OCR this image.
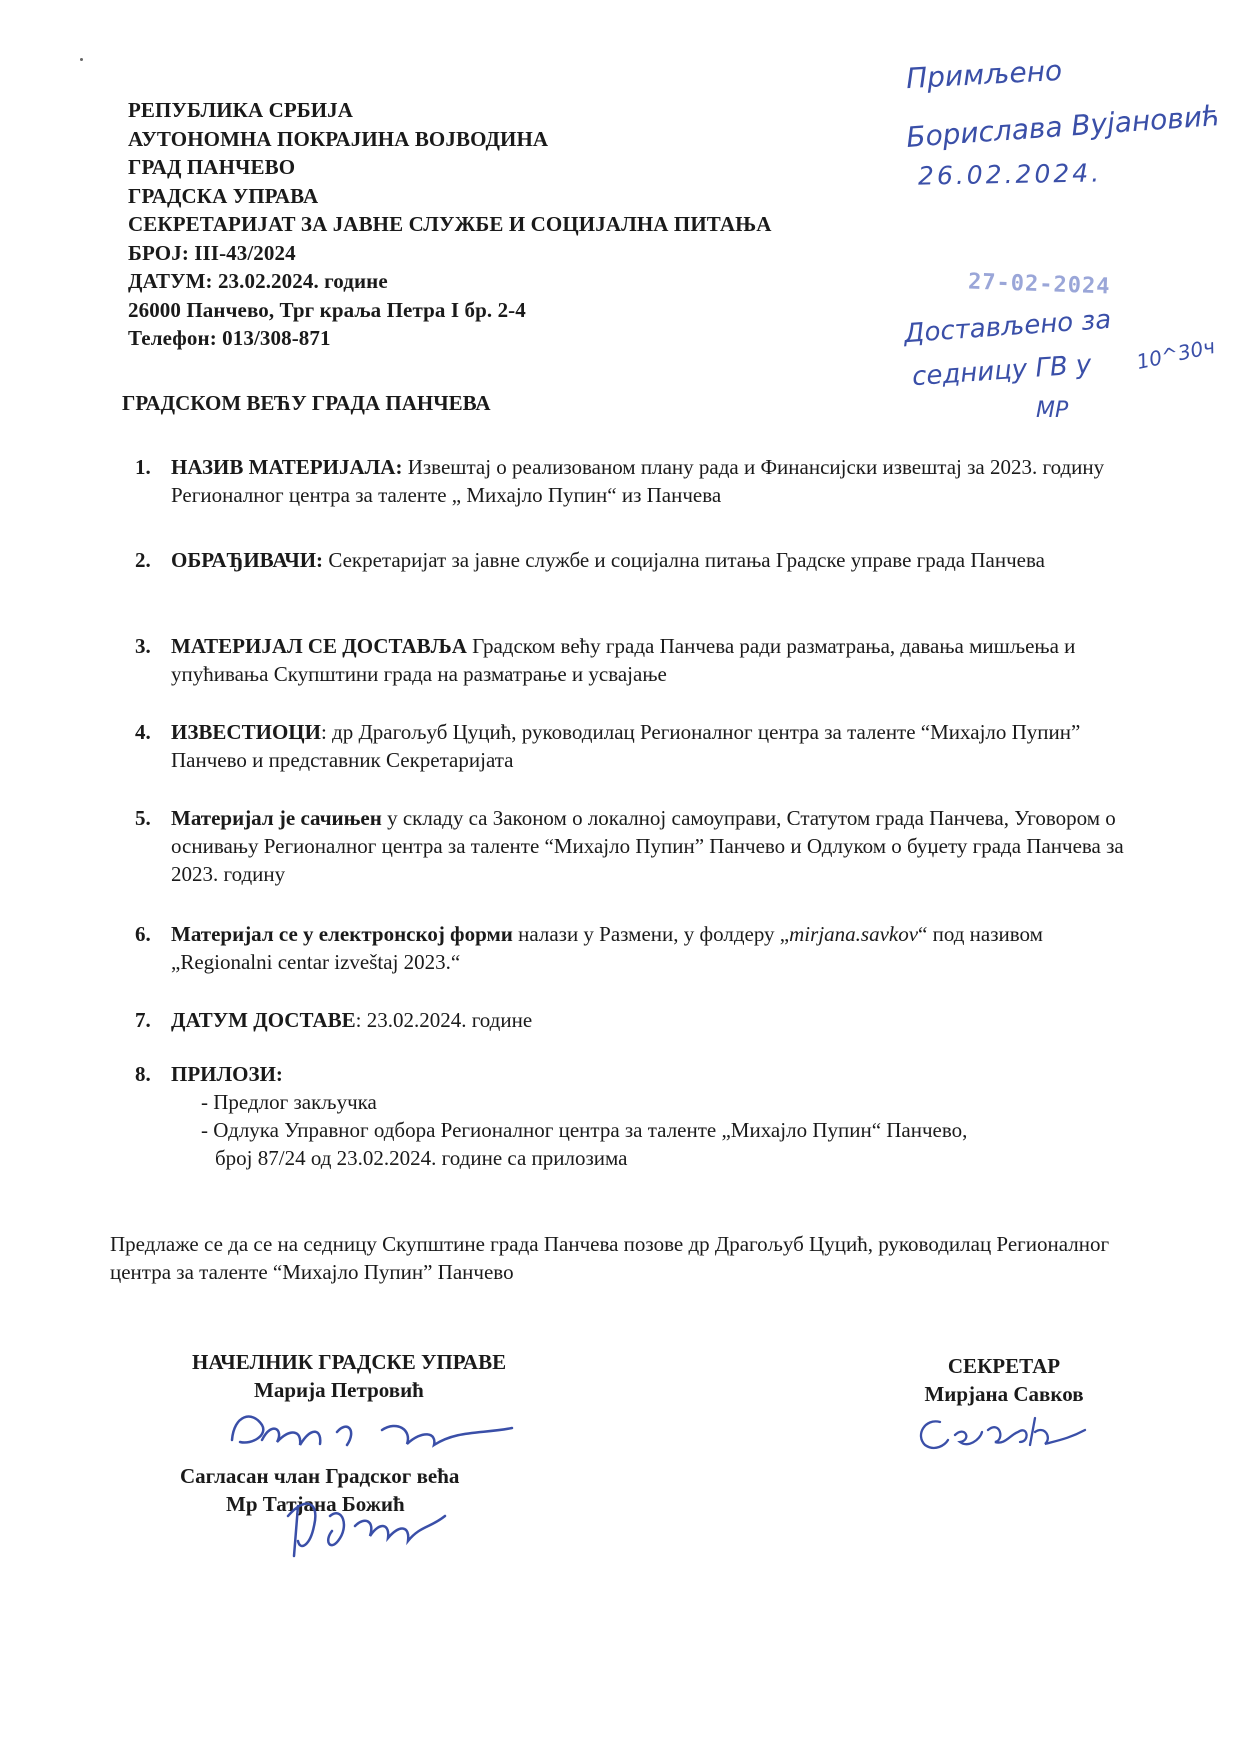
РЕПУБЛИКА СРБИЈА
АУТОНОМНА ПОКРАЈИНА ВОЈВОДИНА
ГРАД ПАНЧЕВО
ГРАДСКА УПРАВА
СЕКРЕТАРИЈАТ ЗА ЈАВНЕ СЛУЖБЕ И СОЦИЈАЛНА ПИТАЊА
БРОЈ: III-43/2024
ДАТУМ: 23.02.2024. године
26000 Панчево, Трг краља Петра I бр. 2-4
Телефон: 013/308-871
Примљено
Борислава Вујановић
26.02.2024.
27-02-2024
Достављено за
седницу ГВ у 10^30ч
МР
ГРАДСКОМ ВЕЋУ ГРАДА ПАНЧЕВА
1. НАЗИВ МАТЕРИЈАЛА: Извештај о реализованом плану рада и Финансијски извештај за 2023. годину Регионалног центра за таленте „ Михајло Пупин“ из Панчева
2. ОБРАЂИВАЧИ: Секретаријат за јавне службе и социјална питања Градске управе града Панчева
3. МАТЕРИЈАЛ СЕ ДОСТАВЉА Градском већу града Панчева ради разматрања, давања мишљења и упућивања Скупштини града на разматрање и усвајање
4. ИЗВЕСТИОЦИ: др Драгољуб Цуцић, руководилац Регионалног центра за таленте “Михајло Пупин” Панчево и представник Секретаријата
5. Материјал је сачињен у складу са Законом о локалној самоуправи, Статутом града Панчева, Уговором о оснивању Регионалног центра за таленте “Михајло Пупин” Панчево и Одлуком о буџету града Панчева за 2023. годину
6. Материјал се у електронској форми налази у Размени, у фолдеру „mirjana.savkov“ под називом „Regionalni centar izveštaj 2023.“
7. ДАТУМ ДОСТАВЕ: 23.02.2024. године
8. ПРИЛОЗИ:
- Предлог закључка
- Одлука Управног одбора Регионалног центра за таленте „Михајло Пупин“ Панчево,
број 87/24 од 23.02.2024. године са прилозима
Предлаже се да се на седницу Скупштине града Панчева позове др Драгољуб Цуцић, руководилац Регионалног центра за таленте “Михајло Пупин” Панчево
НАЧЕЛНИК ГРАДСКЕ УПРАВЕ
Марија Петровић
Сагласан члан Градског већа
Мр Татјана Божић
СЕКРЕТАР
Мирјана Савков
